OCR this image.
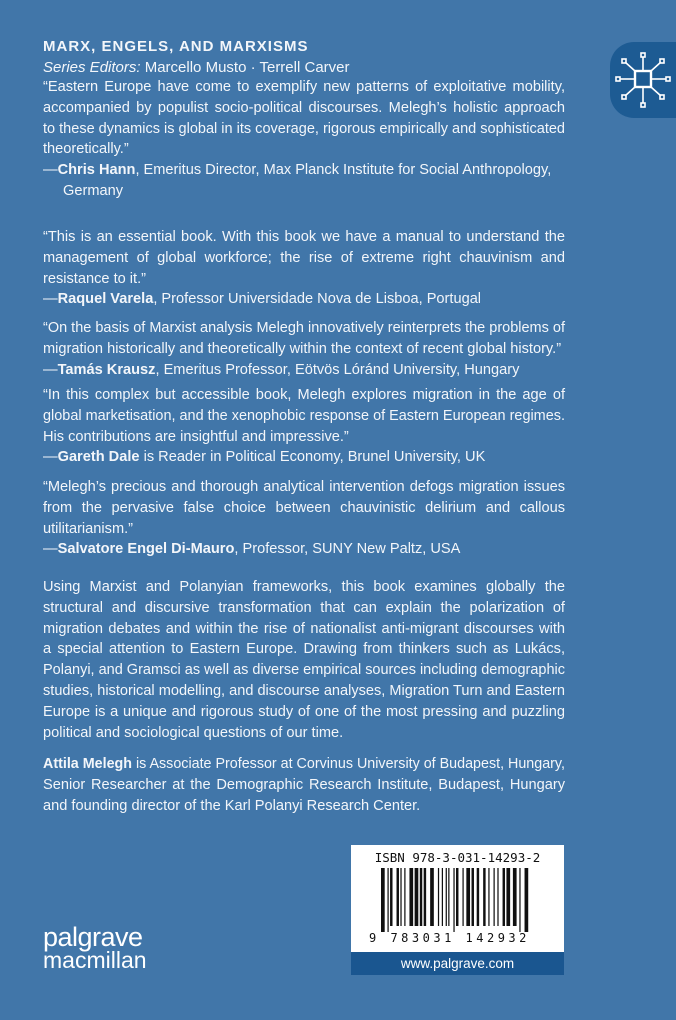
MARX, ENGELS, AND MARXISMS
Series Editors: Marcello Musto · Terrell Carver
“Eastern Europe have come to exemplify new patterns of exploitative mobility,
accompanied by populist socio-political discourses. Melegh’s holistic approach
to these dynamics is global in its coverage, rigorous empirically and sophisticated
theoretically.”
—Chris Hann, Emeritus Director, Max Planck Institute for Social Anthropology,
Germany
“This is an essential book. With this book we have a manual to understand the
management of global workforce; the rise of extreme right chauvinism and
resistance to it.”
—Raquel Varela, Professor Universidade Nova de Lisboa, Portugal
“On the basis of Marxist analysis Melegh innovatively reinterprets the problems of
migration historically and theoretically within the context of recent global history.”
—Tamás Krausz, Emeritus Professor, Eötvös Lóránd University, Hungary
“In this complex but accessible book, Melegh explores migration in the age of
global marketisation, and the xenophobic response of Eastern European regimes.
His contributions are insightful and impressive.”
—Gareth Dale is Reader in Political Economy, Brunel University, UK
“Melegh’s precious and thorough analytical intervention defogs migration issues
from the pervasive false choice between chauvinistic delirium and callous
utilitarianism.”
—Salvatore Engel Di-Mauro, Professor, SUNY New Paltz, USA
Using Marxist and Polanyian frameworks, this book examines globally the
structural and discursive transformation that can explain the polarization of
migration debates and within the rise of nationalist anti-migrant discourses with
a special attention to Eastern Europe. Drawing from thinkers such as Lukács,
Polanyi, and Gramsci as well as diverse empirical sources including demographic
studies, historical modelling, and discourse analyses, Migration Turn and Eastern
Europe is a unique and rigorous study of one of the most pressing and puzzling
political and sociological questions of our time.
Attila Melegh is Associate Professor at Corvinus University of Budapest, Hungary,
Senior Researcher at the Demographic Research Institute, Budapest, Hungary
and founding director of the Karl Polanyi Research Center.
palgrave
macmillan
ISBN 978-3-031-14293-2
9 783031 142932
www.palgrave.com
